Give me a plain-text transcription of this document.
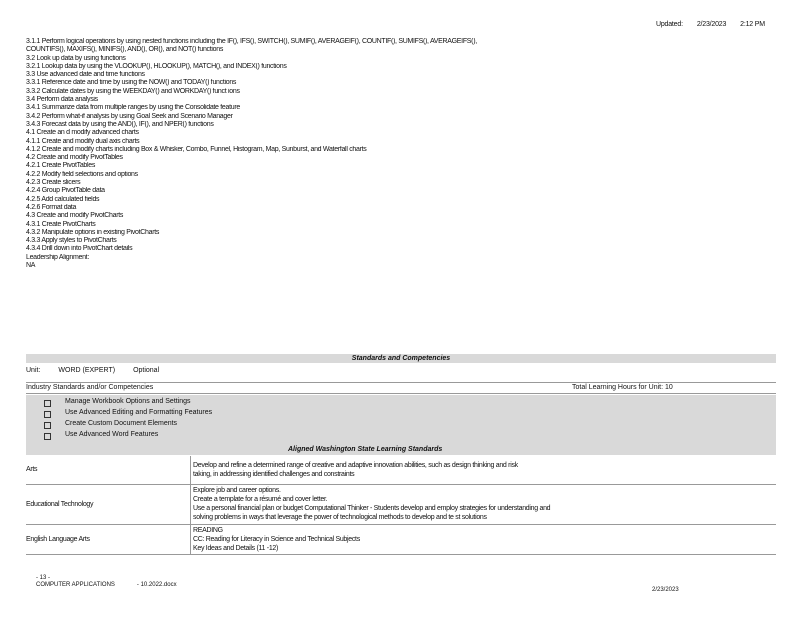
Updated: 2/23/2023 2:12 PM
3.1.1 Perform logical operations by using nested functions including the IF(), IFS(), SWITCH(), SUMIF(), AVERAGEIF(), COUNTIF(), SUMIFS(), AVERAGEIFS(),
COUNTIFS(), MAXIFS(), MINIFS(), AND(), OR(), and NOT() functions
3.2 Look up data by using functions
3.2.1 Lookup data by using the VLOOKUP(), HLOOKUP(), MATCH(), and INDEX() functions
3.3 Use advanced date and time functions
3.3.1 Reference date and time by using the NOW() and TODAY() functions
3.3.2 Calculate dates by using the WEEKDAY() and WORKDAY() funct ions
3.4 Perform data analysis
3.4.1 Summarize data from multiple ranges by using the Consolidate feature
3.4.2 Perform what-if analysis by using Goal Seek and Scenario Manager
3.4.3 Forecast data by using the AND(), IF(), and NPER() functions
4.1 Create an d modify advanced charts
4.1.1 Create and modify dual axis charts
4.1.2 Create and modify charts including Box & Whisker, Combo, Funnel, Histogram, Map, Sunburst, and Waterfall charts
4.2 Create and modify PivotTables
4.2.1 Create PivotTables
4.2.2 Modify field selections and options
4.2.3 Create slicers
4.2.4 Group PivotTable data
4.2.5 Add calculated fields
4.2.6 Format data
4.3 Create and modify PivotCharts
4.3.1 Create PivotCharts
4.3.2 Manipulate options in existing PivotCharts
4.3.3 Apply styles to PivotCharts
4.3.4 Drill down into PivotChart details
Leadership Alignment:
NA
Standards and Competencies
Unit:	WORD (EXPERT)	Optional
Industry Standards and/or Competencies	Total Learning Hours for Unit: 10
Manage Workbook Options and Settings
Use Advanced Editing and Formatting Features
Create Custom Document Elements
Use Advanced Word Features
Aligned Washington State Learning Standards
Arts	Develop and refine a determined range of creative and adaptive innovation abilities, such as design thinking and risk
taking, in addressing identified challenges and constraints

Educational Technology	Explore job and career options.
Create a template for a résumé and cover letter.
Use a personal financial plan or budget Computational Thinker - Students develop and employ strategies for understanding and
solving problems in ways that leverage the power of technological methods to develop and te st solutions

English Language Arts	READING
CC: Reading for Literacy in Science and Technical Subjects
Key Ideas and Details (11 -12)
- 13 -
COMPUTER APPLICATIONS	- 10.2022.docx
2/23/2023
